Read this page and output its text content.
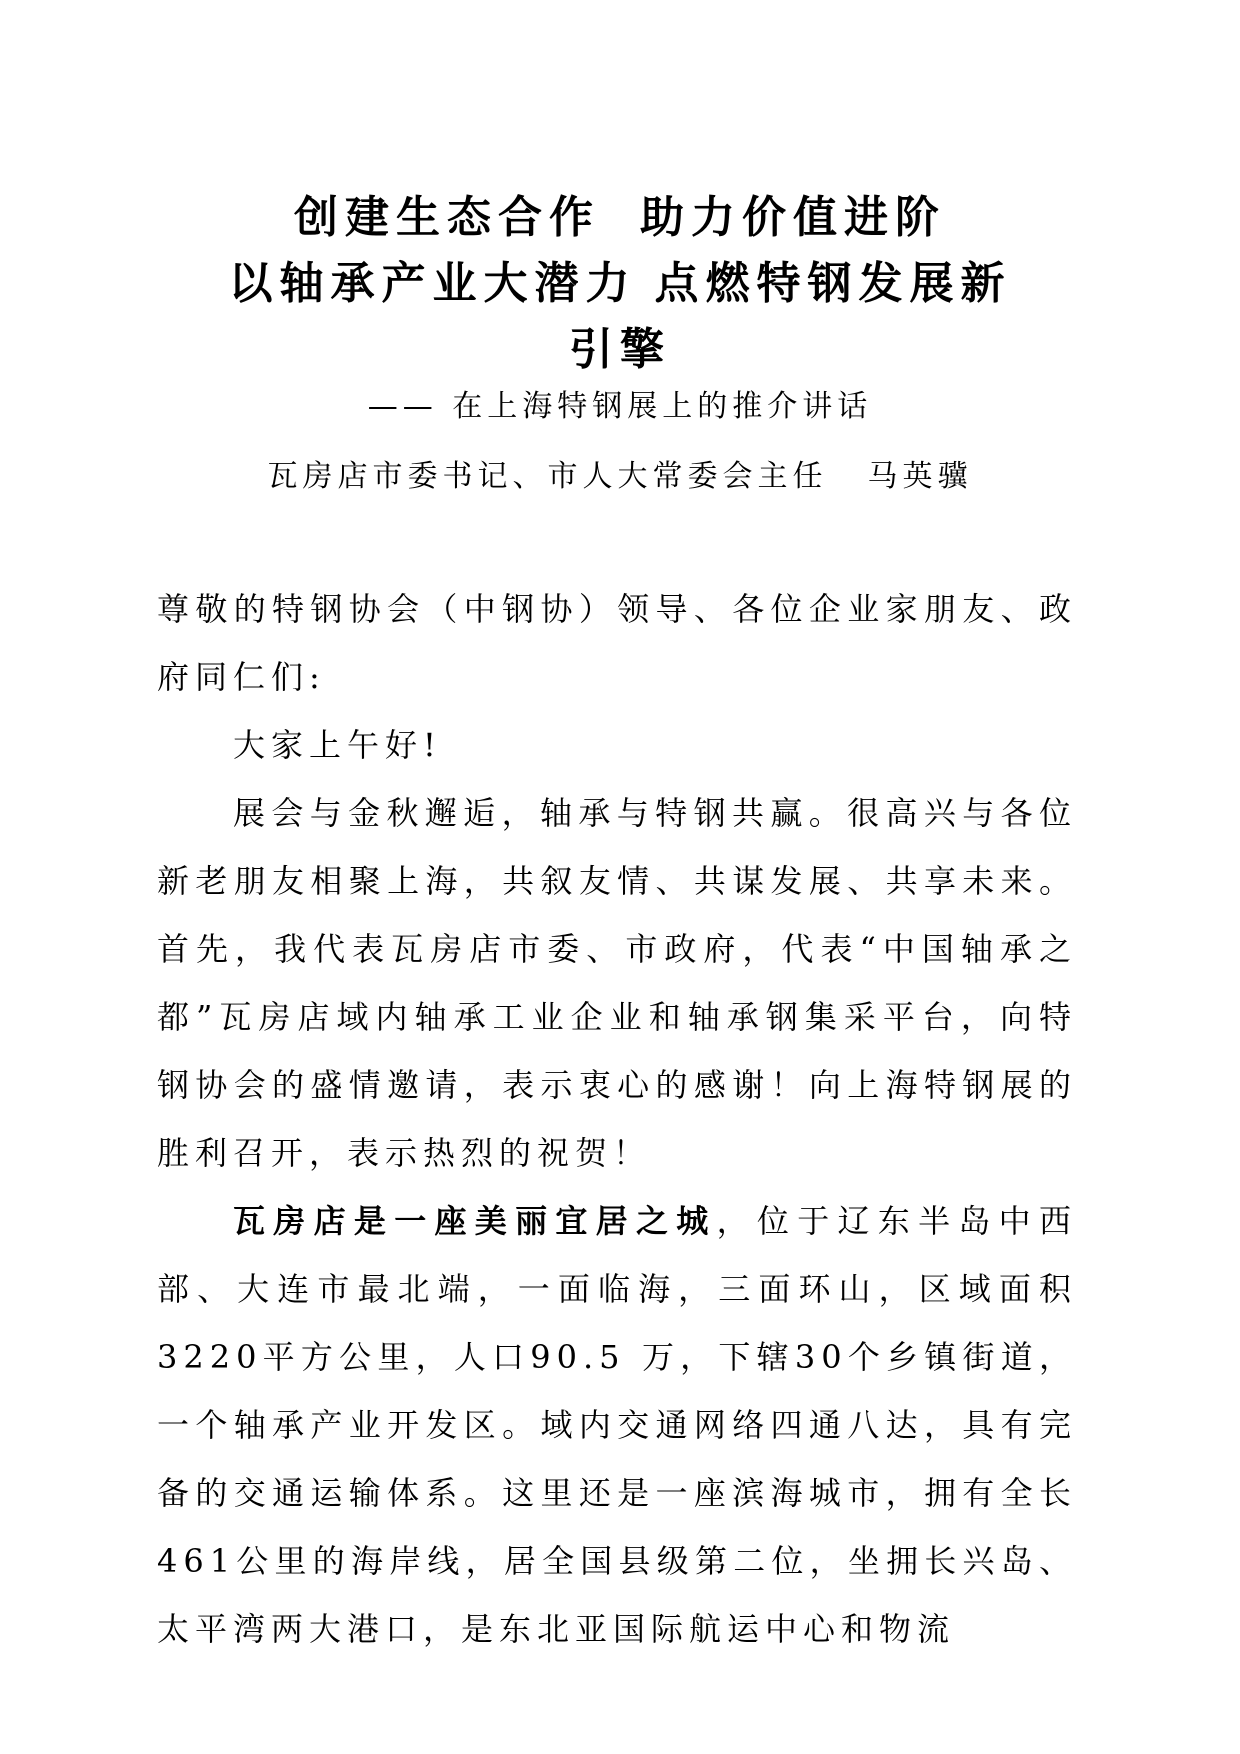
创建生态合作 助力价值进阶
以轴承产业大潜力 点燃特钢发展新
引擎
—— 在上海特钢展上的推介讲话
瓦房店市委书记、市人大常委会主任 马英骥

尊敬的特钢协会（中钢协）领导、各位企业家朋友、政府同仁们:

大家上午好!

展会与金秋邂逅，轴承与特钢共赢。很高兴与各位新老朋友相聚上海，共叙友情、共谋发展、共享未来。首先，我代表瓦房店市委、市政府，代表“中国轴承之都”瓦房店域内轴承工业企业和轴承钢集采平台，向特钢协会的盛情邀请，表示衷心的感谢！向上海特钢展的胜利召开，表示热烈的祝贺！

瓦房店是一座美丽宜居之城，位于辽东半岛中西部、大连市最北端，一面临海，三面环山，区域面积3220平方公里，人口90.5 万，下辖30个乡镇街道，一个轴承产业开发区。域内交通网络四通八达，具有完备的交通运输体系。这里还是一座滨海城市，拥有全长461公里的海岸线，居全国县级第二位，坐拥长兴岛、太平湾两大港口，是东北亚国际航运中心和物流
